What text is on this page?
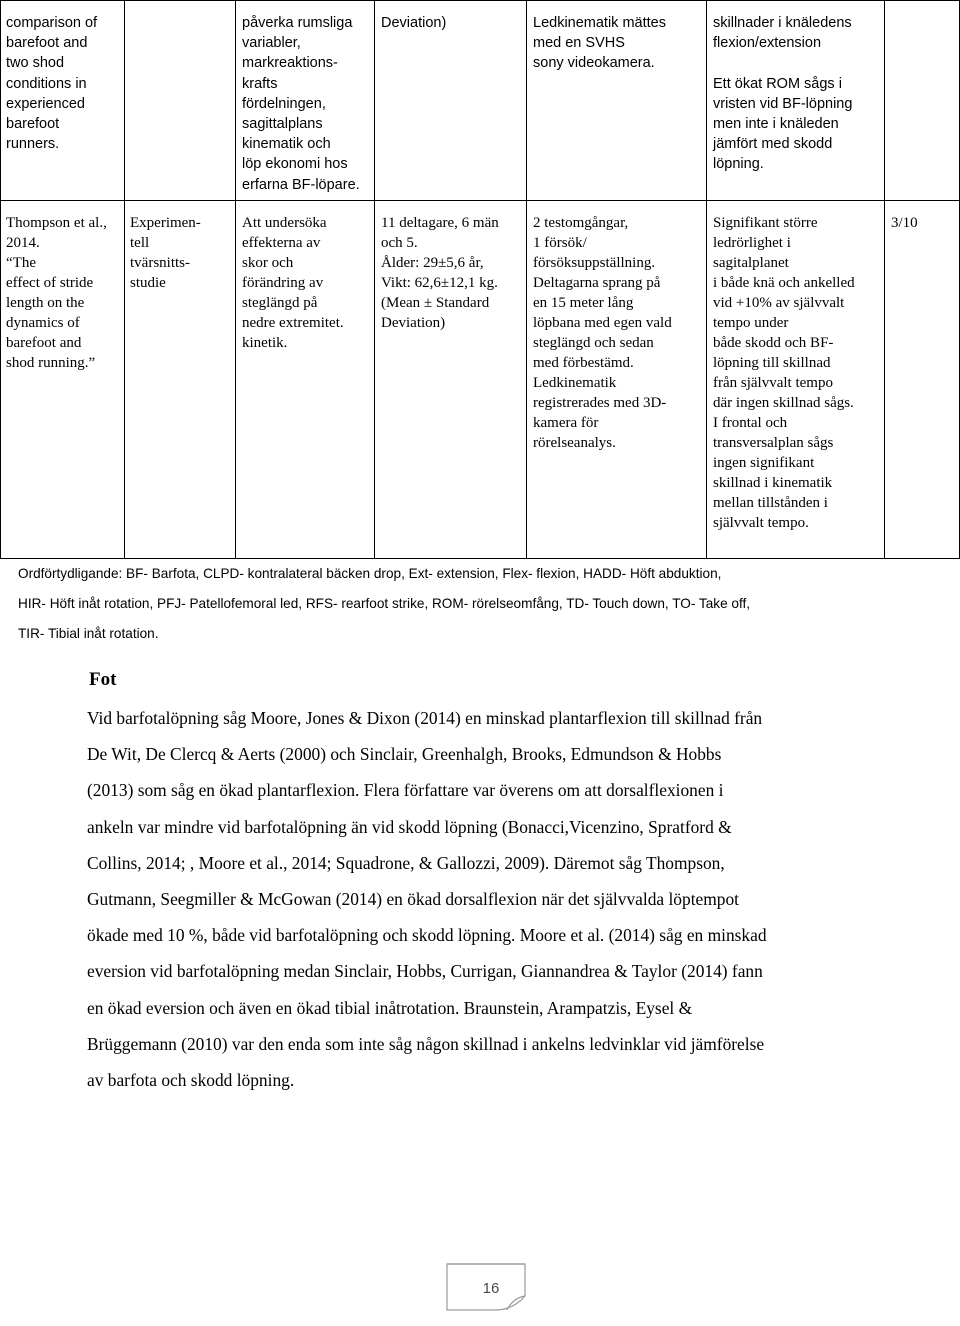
comparison of
barefoot and
two shod
conditions in
experienced
barefoot
runners.
påverka rumsliga
variabler,
markreaktions-
krafts
fördelningen,
sagittalplans
kinematik och
löp ekonomi hos
erfarna BF-löpare.
Deviation)	Ledkinematik mättes
med en SVHS
sony videokamera.
skillnader i knäledens
flexion/extension

Ett ökat ROM sågs i
vristen vid BF-löpning
men inte i knäleden
jämfört med skodd
löpning.
Thompson et al.,
2014.
“The
effect of stride
length on the
dynamics of
barefoot and
shod running.”
Experimen-
tell
tvärsnitts-
studie
Att undersöka
effekterna av
skor och
förändring av
steglängd på
nedre extremitet.
kinetik.
11 deltagare, 6 män
och 5.
Ålder: 29±5,6 år,
Vikt: 62,6±12,1 kg.
(Mean ± Standard
Deviation)
2 testomgångar,
1 försök/
försöksuppställning.
Deltagarna sprang på
en 15 meter lång
löpbana med egen vald
steglängd och sedan
med förbestämd.
Ledkinematik
registrerades med 3D-
kamera för
rörelseanalys.
Signifikant större
ledrörlighet i
sagitalplanet
i både knä och ankelled
vid +10% av självvalt
tempo under
både skodd och BF-
löpning till skillnad
från självvalt tempo
där ingen skillnad sågs.
I frontal och
transversalplan sågs
ingen signifikant
skillnad i kinematik
mellan tillstånden i
självvalt tempo.
3/10
Ordförtydligande: BF- Barfota, CLPD- kontralateral bäcken drop, Ext- extension, Flex- flexion, HADD- Höft abduktion,
HIR- Höft inåt rotation, PFJ- Patellofemoral led, RFS- rearfoot strike, ROM- rörelseomfång, TD- Touch down, TO- Take off,
TIR- Tibial inåt rotation.
Fot
Vid barfotalöpning såg Moore, Jones & Dixon (2014) en minskad plantarflexion till skillnad från
De Wit, De Clercq & Aerts (2000) och Sinclair, Greenhalgh, Brooks, Edmundson & Hobbs
(2013) som såg en ökad plantarflexion. Flera författare var överens om att dorsalflexionen i
ankeln var mindre vid barfotalöpning än vid skodd löpning (Bonacci,Vicenzino, Spratford &
Collins, 2014; , Moore et al., 2014; Squadrone, & Gallozzi, 2009). Däremot såg Thompson,
Gutmann, Seegmiller & McGowan (2014) en ökad dorsalflexion när det självvalda löptempot
ökade med 10 %, både vid barfotalöpning och skodd löpning. Moore et al. (2014) såg en minskad
eversion vid barfotalöpning medan Sinclair, Hobbs, Currigan, Giannandrea & Taylor (2014) fann
en ökad eversion och även en ökad tibial inåtrotation. Braunstein, Arampatzis, Eysel &
Brüggemann (2010) var den enda som inte såg någon skillnad i ankelns ledvinklar vid jämförelse
av barfota och skodd löpning.
16
